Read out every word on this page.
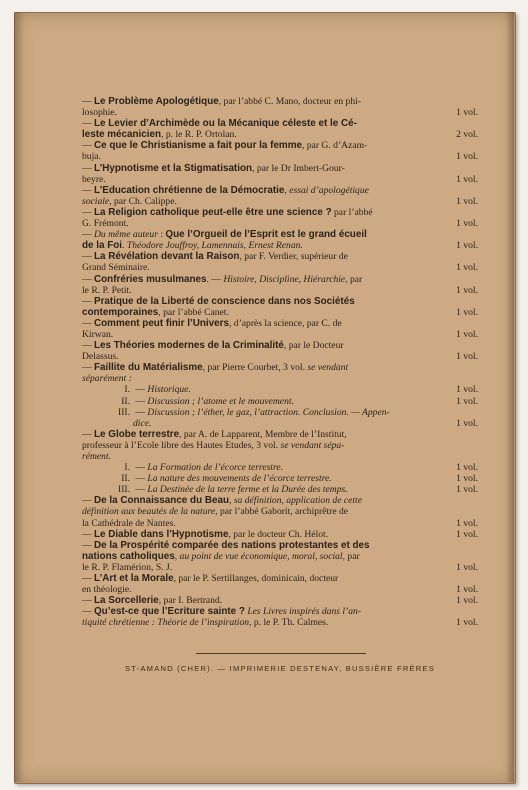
— Le Problème Apologétique, par l’abbé C. Mano, docteur en phi-
1 vol.
losophie.
— Le Levier d’Archimède ou la Mécanique céleste et le Cé-
2 vol.
leste mécanicien, p. le R. P. Ortolan.
— Ce que le Christianisme a fait pour la femme, par G. d’Azam-
1 vol.
buja.
— L’Hypnotisme et la Stigmatisation, par le Dr Imbert-Gour-
1 vol.
beyre.
— L’Education chrétienne de la Démocratie, essai d’apologétique
1 vol.
sociale, par Ch. Calippe.
— La Religion catholique peut-elle être une science ? par l’abbé
1 vol.
G. Frémont.
— Du même auteur : Que l’Orgueil de l’Esprit est le grand écueil
1 vol.
de la Foi. Théodore Jouffroy, Lamennais, Ernest Renan.
— La Révélation devant la Raison, par F. Verdier, supérieur de
1 vol.
Grand Séminaire.
— Confréries musulmanes. — Histoire, Discipline, Hiérarchie, par
1 vol.
le R. P. Petit.
— Pratique de la Liberté de conscience dans nos Sociétés
1 vol.
contemporaines, par l’abbé Canet.
— Comment peut finir l’Univers, d’après la science, par C. de
1 vol.
Kirwan.
— Les Théories modernes de la Criminalité, par le Docteur
1 vol.
Delassus.
— Faillite du Matérialisme, par Pierre Courbet, 3 vol. se vendant
séparément :
1 vol.
I. — Historique.
1 vol.
II. — Discussion ; l’atome et le mouvement.
III. — Discussion ; l’éther, le gaz, l’attraction. Conclusion. — Appen-
1 vol.
dice.
— Le Globe terrestre, par A. de Lapparent, Membre de l’Institut,
professeur à l’Ecole libre des Hautes Etudes, 3 vol. se vendant sépa-
rément.
1 vol.
I. — La Formation de l’écorce terrestre.
1 vol.
II. — La nature des mouvements de l’écorce terrestre.
1 vol.
III. — La Destinée de la terre ferme et la Durée des temps.
— De la Connaissance du Beau, sa définition, application de cette
définition aux beautés de la nature, par l’abbé Gaborit, archiprêtre de
1 vol.
la Cathédrale de Nantes.
1 vol.
— Le Diable dans l’Hypnotisme, par le docteur Ch. Hélot.
— De la Prospérité comparée des nations protestantes et des
nations catholiques, au point de vue économique, moral, social, par
1 vol.
le R. P. Flamérion, S. J.
— L’Art et la Morale, par le P. Sertillanges, dominicain, docteur
1 vol.
en théologie.
1 vol.
— La Sorcellerie, par I. Bertrand.
— Qu’est-ce que l’Ecriture sainte ? Les Livres inspirés dans l’an-
1 vol.
tiquité chrétienne : Théorie de l’inspiration, p. le P. Th. Calmes.
ST-AMAND (CHER). — IMPRIMERIE DESTENAY, BUSSIÈRE FRÈRES
